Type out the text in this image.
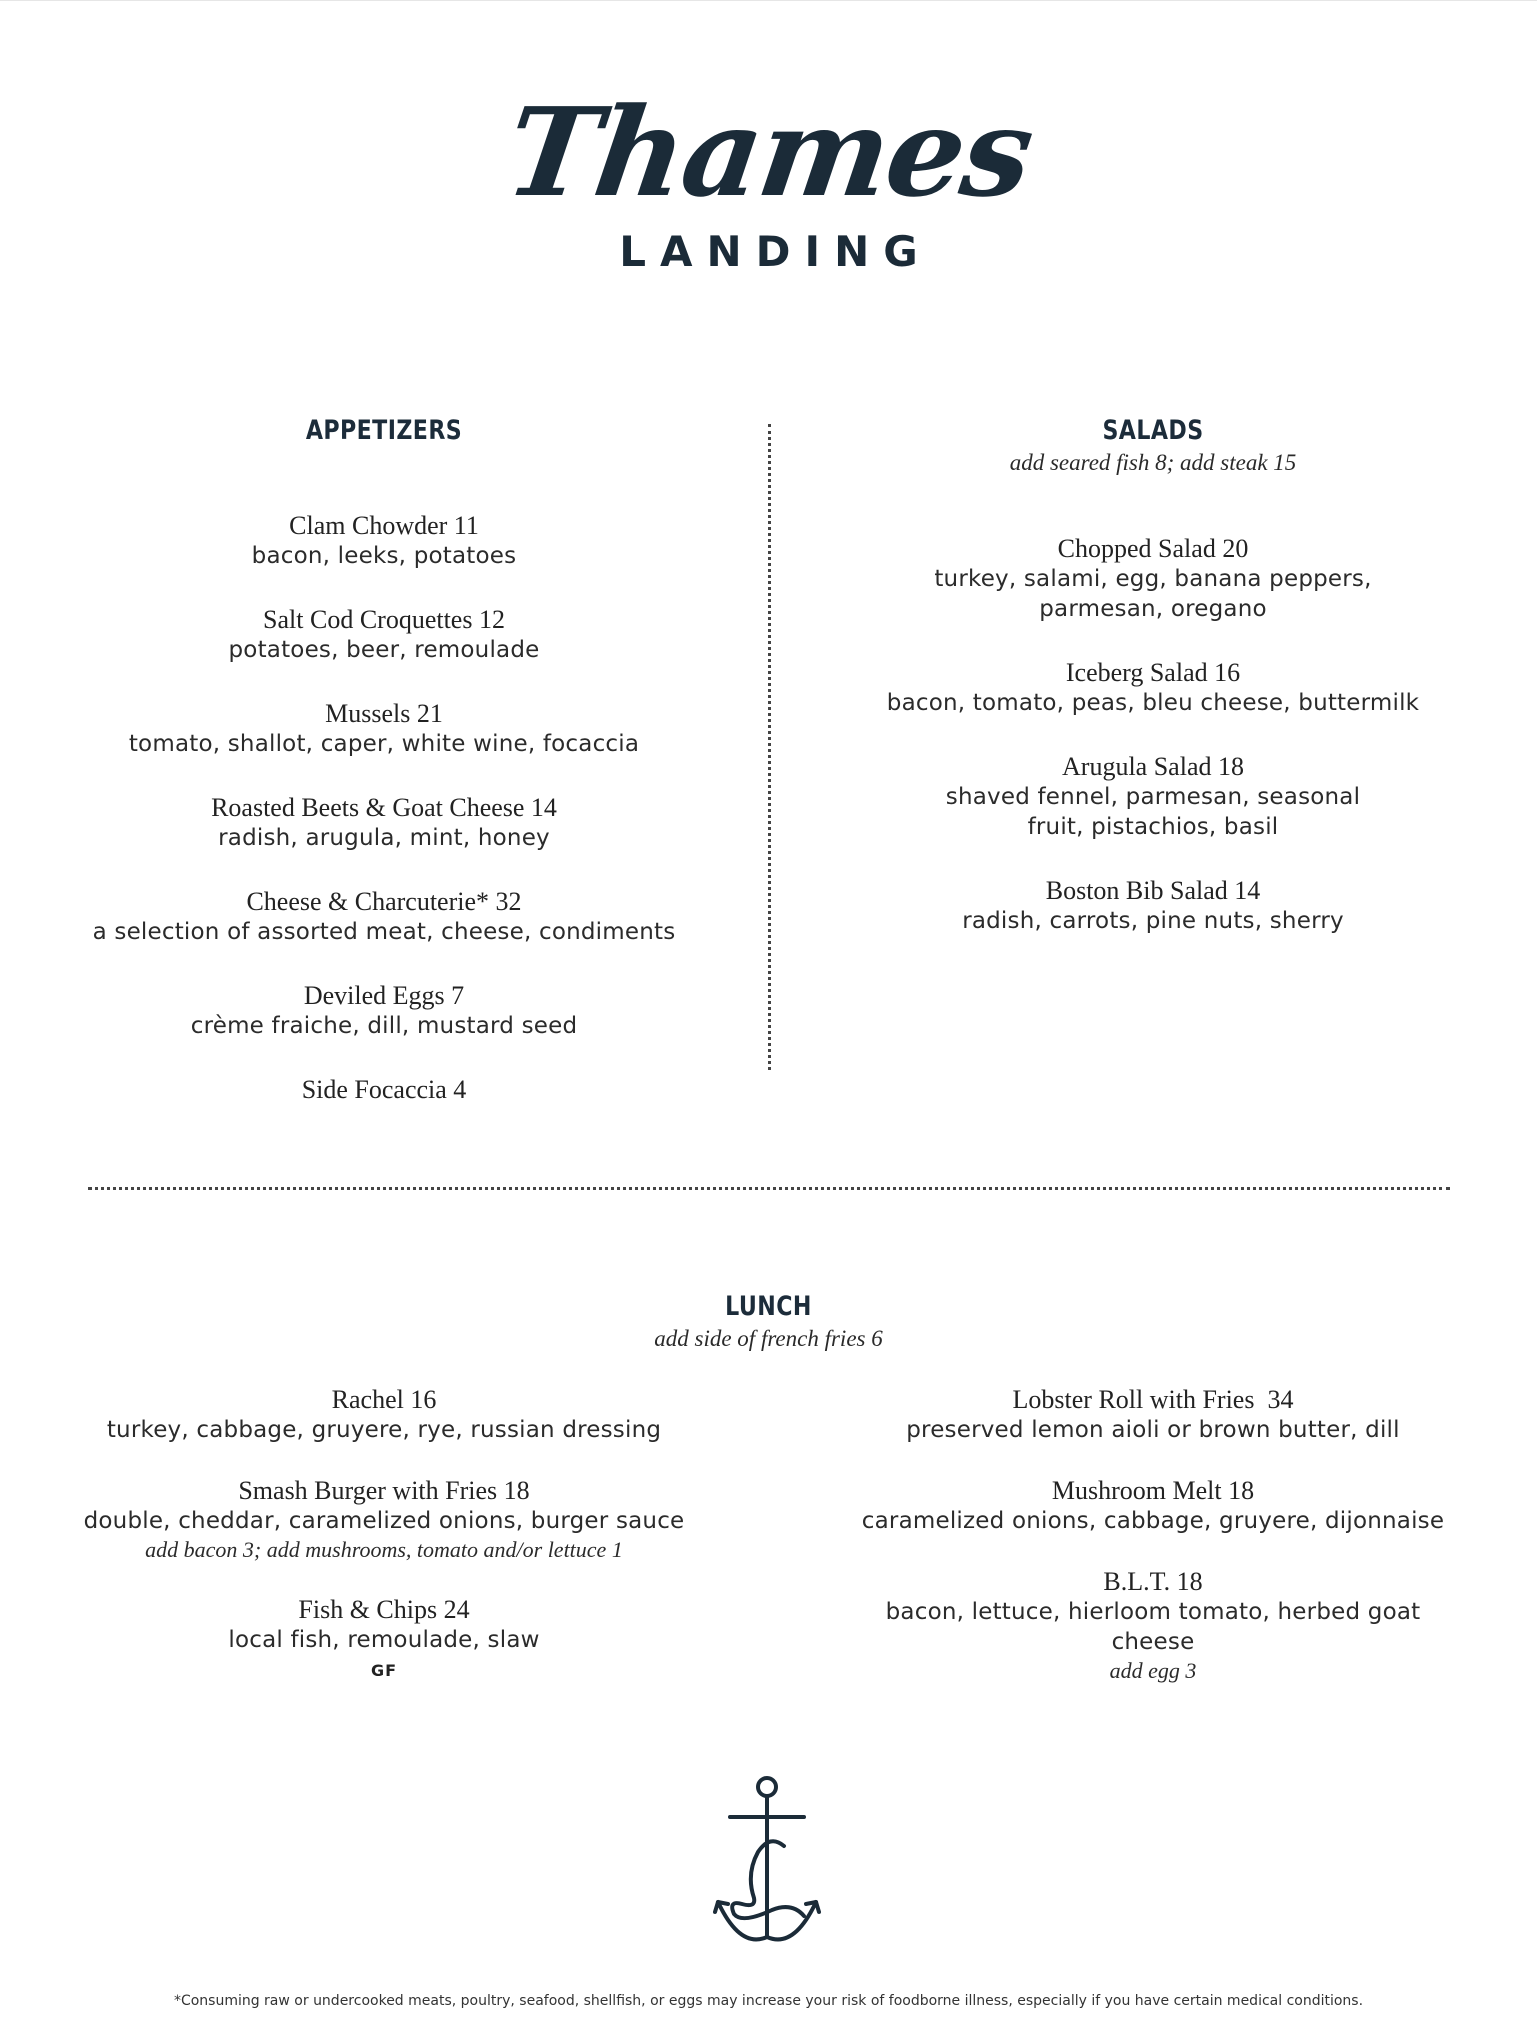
Thames
LANDING
APPETIZERS
Clam Chowder 11
bacon, leeks, potatoes
Salt Cod Croquettes 12
potatoes, beer, remoulade
Mussels 21
tomato, shallot, caper, white wine, focaccia
Roasted Beets & Goat Cheese 14
radish, arugula, mint, honey
Cheese & Charcuterie* 32
a selection of assorted meat, cheese, condiments
Deviled Eggs 7
crème fraiche, dill, mustard seed
Side Focaccia 4
SALADS
add seared fish 8; add steak 15
Chopped Salad 20
turkey, salami, egg, banana peppers,
parmesan, oregano
Iceberg Salad 16
bacon, tomato, peas, bleu cheese, buttermilk
Arugula Salad 18
shaved fennel, parmesan, seasonal
fruit, pistachios, basil
Boston Bib Salad 14
radish, carrots, pine nuts, sherry
LUNCH
add side of french fries 6
Rachel 16
turkey, cabbage, gruyere, rye, russian dressing
Smash Burger with Fries 18
double, cheddar, caramelized onions, burger sauce
add bacon 3; add mushrooms, tomato and/or lettuce 1
Fish & Chips 24
local fish, remoulade, slaw
GF
Lobster Roll with Fries  34
preserved lemon aioli or brown butter, dill
Mushroom Melt 18
caramelized onions, cabbage, gruyere, dijonnaise
B.L.T. 18
bacon, lettuce, hierloom tomato, herbed goat cheese
add egg 3
*Consuming raw or undercooked meats, poultry, seafood, shellfish, or eggs may increase your risk of foodborne illness, especially if you have certain medical conditions.
